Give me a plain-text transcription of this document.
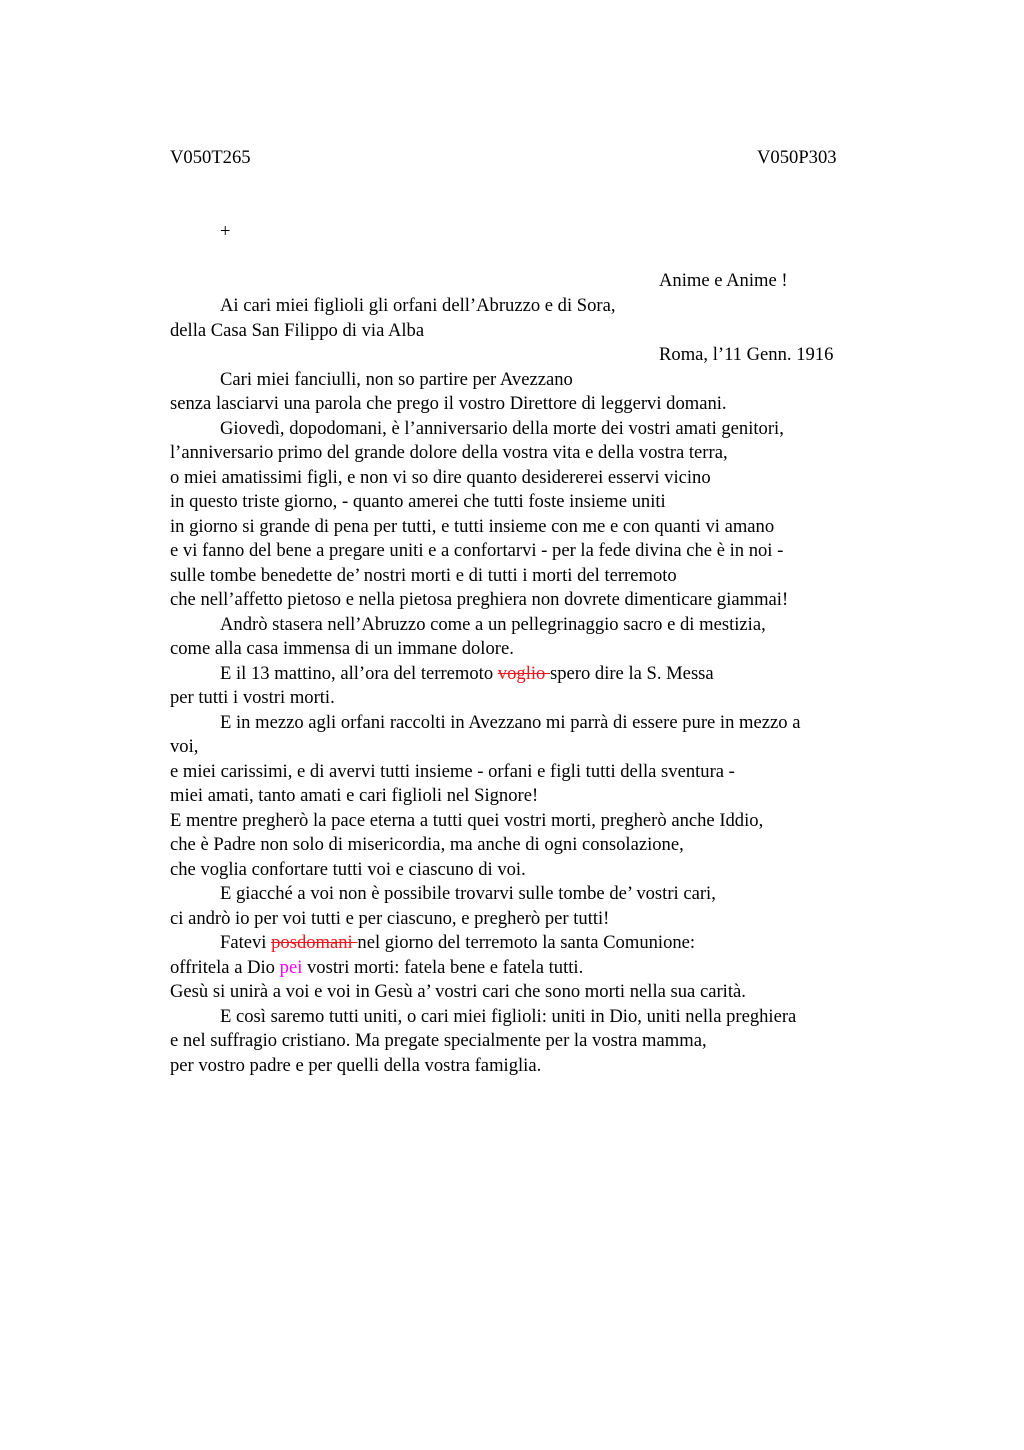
V050T265	V050P303
+

Anime e Anime !

Roma, l’11 Genn. 1916

Ai cari miei figlioli gli orfani dell’Abruzzo e di Sora,
della Casa San Filippo di via Alba
Cari miei fanciulli, non so partire per Avezzano
senza lasciarvi una parola che prego il vostro Direttore di leggervi domani.
Giovedì, dopodomani, è l’anniversario della morte dei vostri amati genitori,
l’anniversario primo del grande dolore della vostra vita e della vostra terra,
o miei amatissimi figli, e non vi so dire quanto desidererei esservi vicino
in questo triste giorno, - quanto amerei che tutti foste insieme uniti
in giorno si grande di pena per tutti, e tutti insieme con me e con quanti vi amano
e vi fanno del bene a pregare uniti e a confortarvi - per la fede divina che è in noi -
sulle tombe benedette de’ nostri morti e di tutti i morti del terremoto
che nell’affetto pietoso e nella pietosa preghiera non dovrete dimenticare giammai!
Andrò stasera nell’Abruzzo come a un pellegrinaggio sacro e di mestizia,
come alla casa immensa di un immane dolore.
E il 13 mattino, all’ora del terremoto voglio spero dire la S. Messa
per tutti i vostri morti.
E in mezzo agli orfani raccolti in Avezzano mi parrà di essere pure in mezzo a
voi,
e miei carissimi, e di avervi tutti insieme - orfani e figli tutti della sventura -
miei amati, tanto amati e cari figlioli nel Signore!
E mentre pregherò la pace eterna a tutti quei vostri morti, pregherò anche Iddio,
che è Padre non solo di misericordia, ma anche di ogni consolazione,
che voglia confortare tutti voi e ciascuno di voi.
E giacché a voi non è possibile trovarvi sulle tombe de’ vostri cari,
ci andrò io per voi tutti e per ciascuno, e pregherò per tutti!
Fatevi posdomani nel giorno del terremoto la santa Comunione:
offritela a Dio pei vostri morti: fatela bene e fatela tutti.
Gesù si unirà a voi e voi in Gesù a’ vostri cari che sono morti nella sua carità.
E così saremo tutti uniti, o cari miei figlioli: uniti in Dio, uniti nella preghiera
e nel suffragio cristiano. Ma pregate specialmente per la vostra mamma,
per vostro padre e per quelli della vostra famiglia.
